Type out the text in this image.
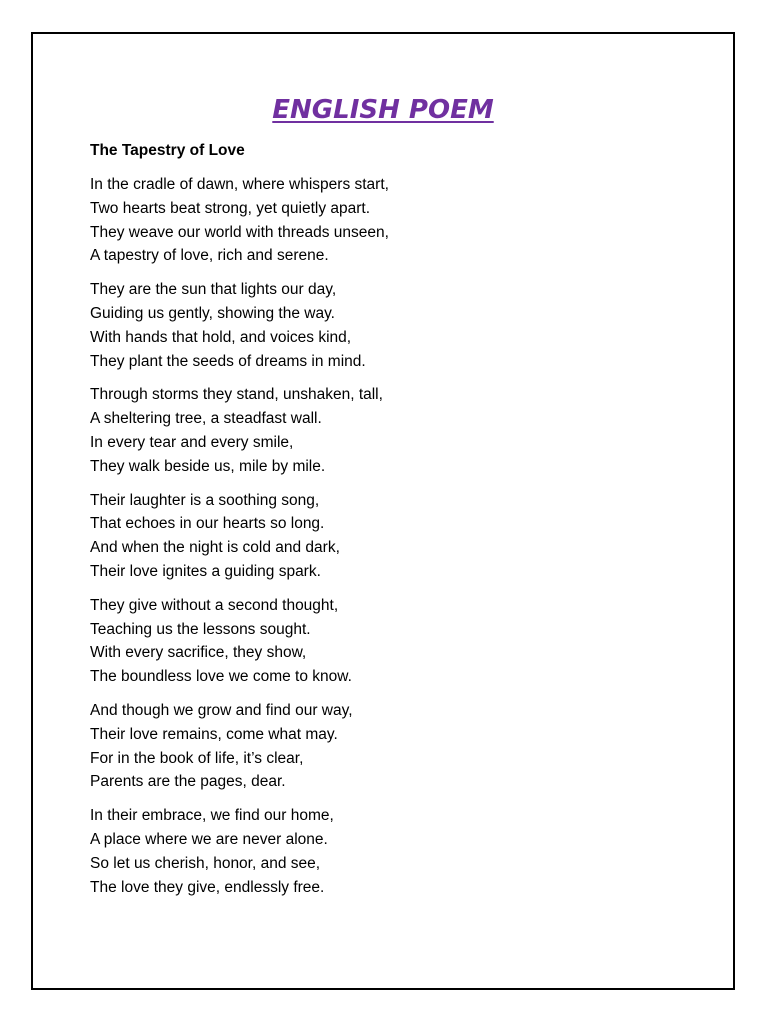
ENGLISH POEM

The Tapestry of Love

In the cradle of dawn, where whispers start,
Two hearts beat strong, yet quietly apart.
They weave our world with threads unseen,
A tapestry of love, rich and serene.

They are the sun that lights our day,
Guiding us gently, showing the way.
With hands that hold, and voices kind,
They plant the seeds of dreams in mind.

Through storms they stand, unshaken, tall,
A sheltering tree, a steadfast wall.
In every tear and every smile,
They walk beside us, mile by mile.

Their laughter is a soothing song,
That echoes in our hearts so long.
And when the night is cold and dark,
Their love ignites a guiding spark.

They give without a second thought,
Teaching us the lessons sought.
With every sacrifice, they show,
The boundless love we come to know.

And though we grow and find our way,
Their love remains, come what may.
For in the book of life, it’s clear,
Parents are the pages, dear.

In their embrace, we find our home,
A place where we are never alone.
So let us cherish, honor, and see,
The love they give, endlessly free.
